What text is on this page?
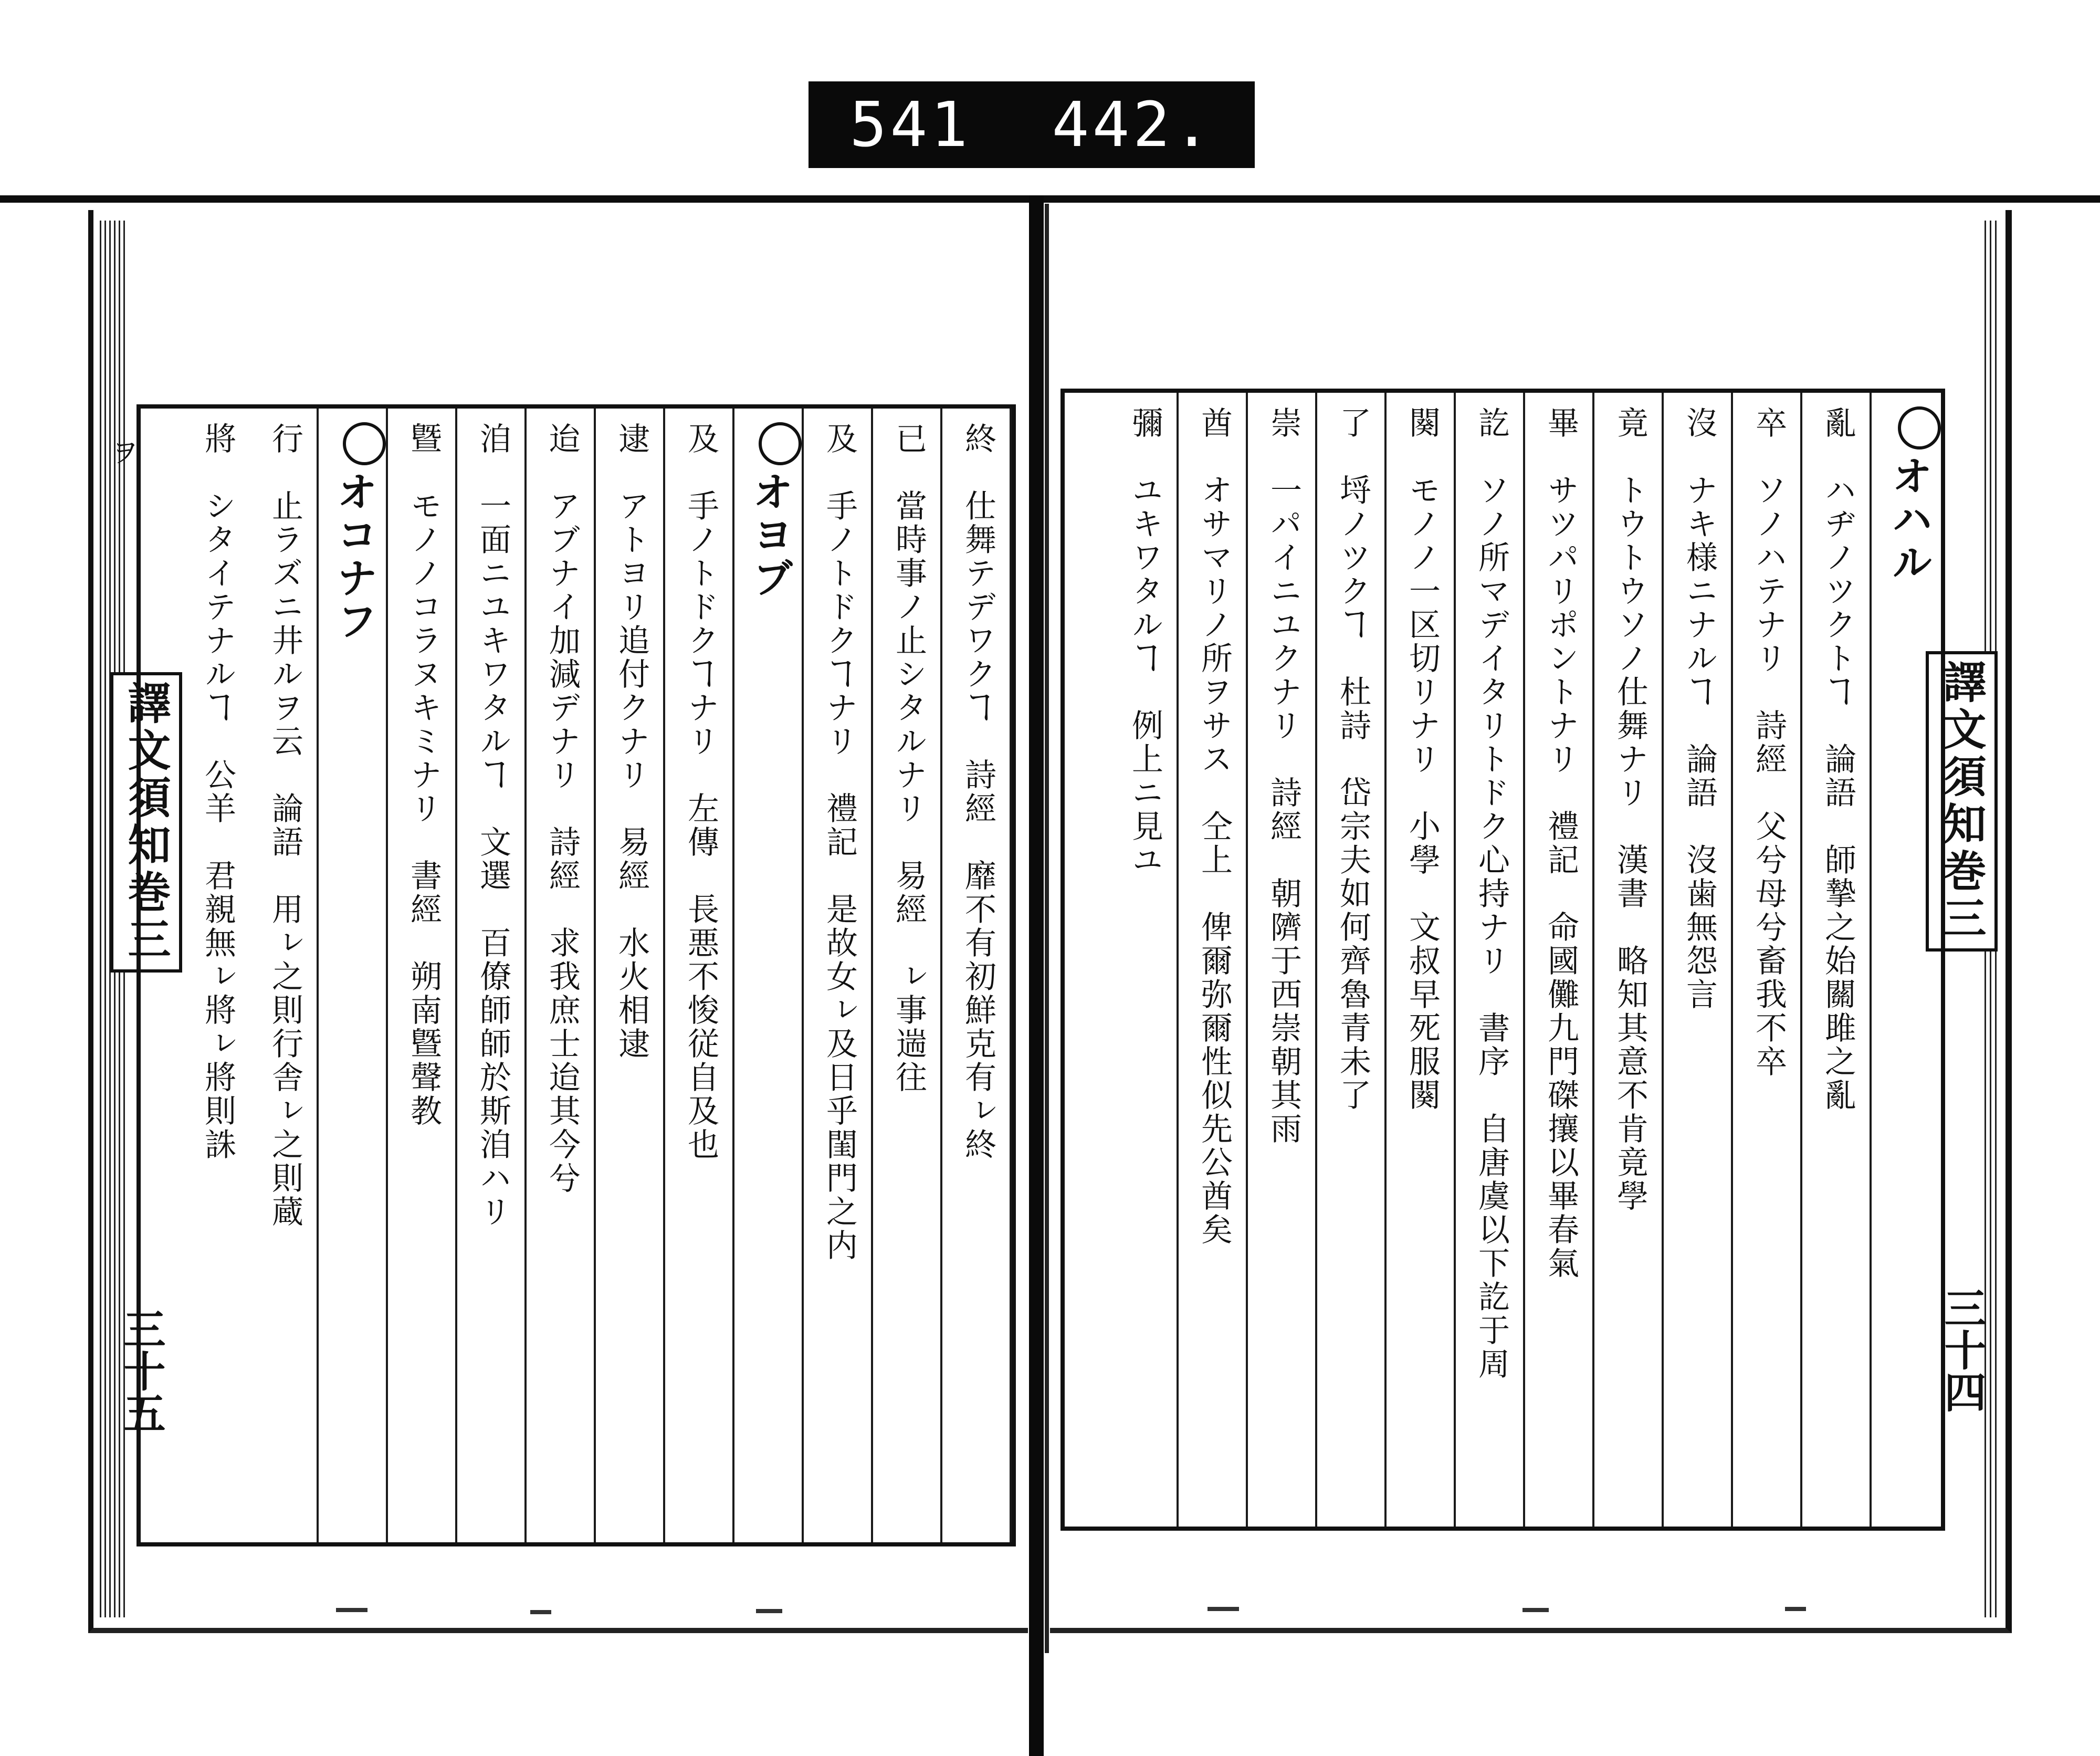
541  442.
ヲ
譯文須知巻三
三十五
終　仕舞テデワクヿ　詩經　靡不有初鮮克有ㇾ終
已　當時事ノ止シタルナリ　易經　ㇾ事遄往
及　手ノトドクヿナリ　禮記　是故女ㇾ及日乎閨門之内
オヨブ
及　手ノトドクヿナリ　左傳　長悪不悛従自及也
逮　アトヨリ追付クナリ　易經　水火相逮
迨　アブナイ加減デナリ　詩經　求我庶士迨其今兮
洎　一面ニユキワタルヿ　文選　百僚師師於斯洎ハリ
曁　モノノコラヌキミナリ　書經　朔南曁聲教
オコナフ
行　止ラズニ井ルヲ云　論語　用ㇾ之則行舎ㇾ之則蔵
將　シタイテナルヿ　公羊　君親無ㇾ將ㇾ將則誅	譯文須知巻三
三十四
オハル
亂　ハヂノツクトヿ　論語　師摯之始關雎之亂
卒　ソノハテナリ　詩經　父兮母兮畜我不卒
沒　ナキ様ニナルヿ　論語　沒歯無怨言
竟　トウトウソノ仕舞ナリ　漢書　略知其意不肯竟學
畢　サツパリポントナリ　禮記　命國儺九門磔攘以畢春氣
訖　ソノ所マデイタリトドク心持ナリ　書序　自唐虞以下訖于周
闋　モノノ一区切リナリ　小學　文叔早死服闋
了　埒ノツクヿ　杜詩　岱宗夫如何齊魯青未了
崇　一パイニユクナリ　詩經　朝隮于西崇朝其雨
酋　オサマリノ所ヲサス　仝上　俾爾弥爾性似先公酋矣
彌　ユキワタルヿ　例上ニ見ユ
